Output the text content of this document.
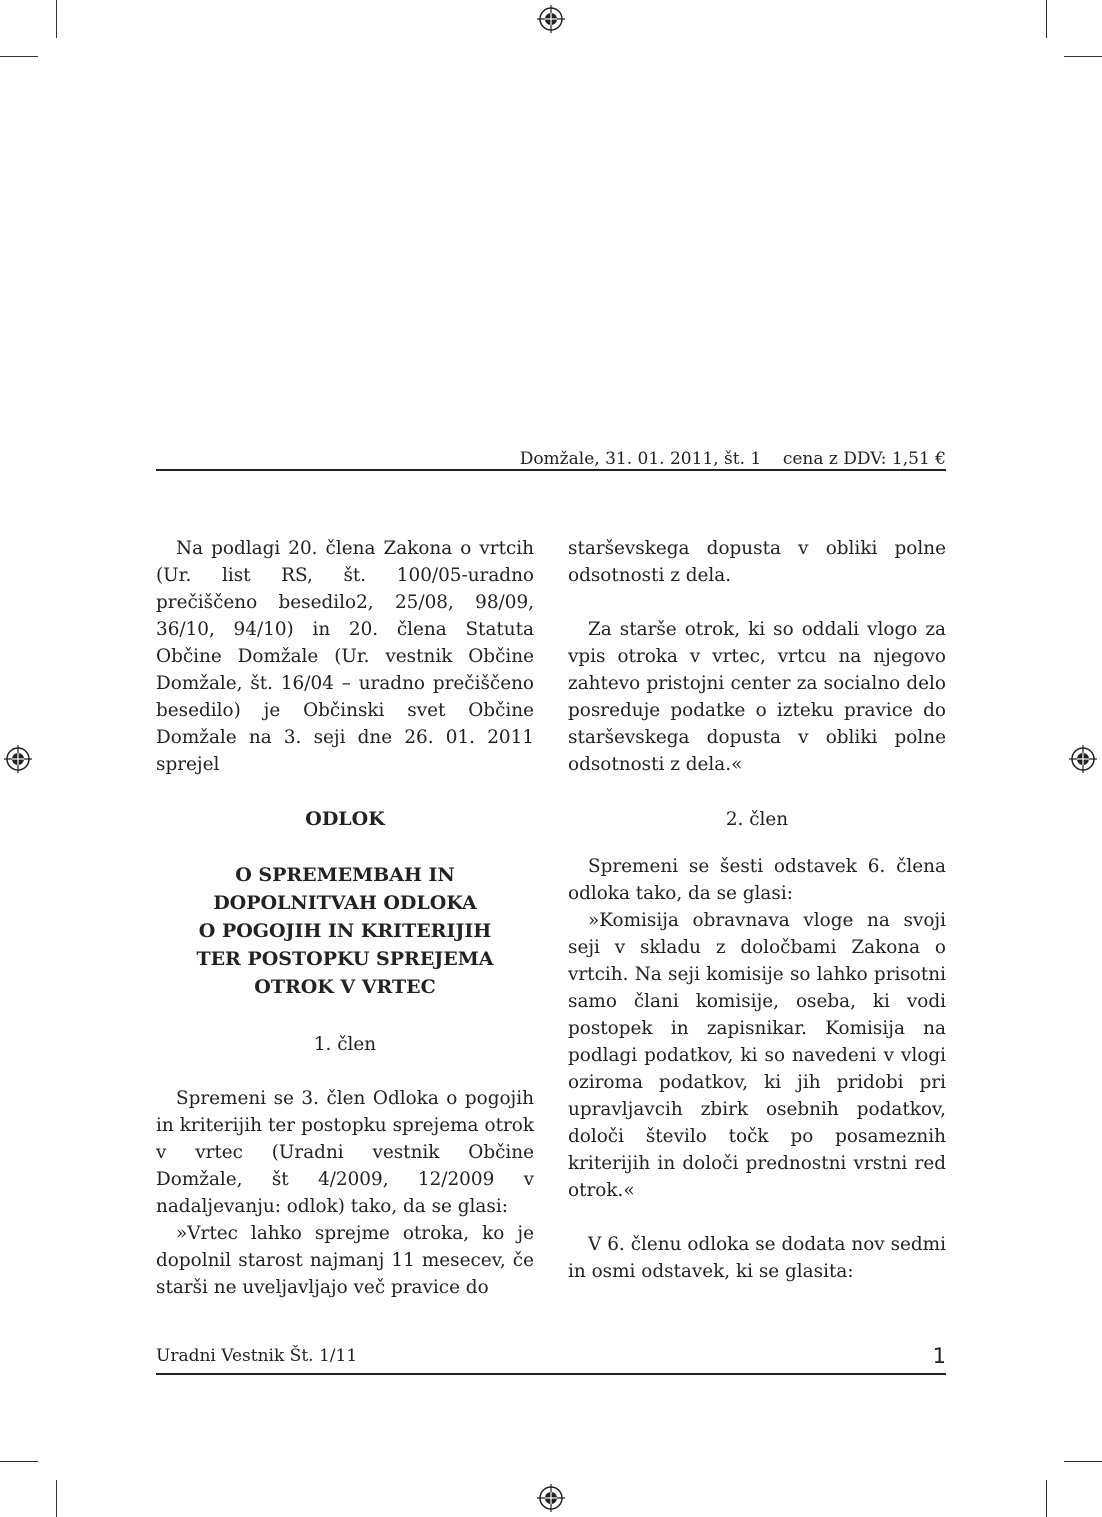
Domžale, 31. 01. 2011, št. 1 cena z DDV: 1,51 €

Na podlagi 20. člena Zakona o vrtcih (Ur. list RS, št. 100/05-uradno prečiščeno besedilo2, 25/08, 98/09, 36/10, 94/10) in 20. člena Statuta Občine Domžale (Ur. vestnik Občine Domžale, št. 16/04 – uradno prečiščeno besedilo) je Občinski svet Občine Domžale na 3. seji dne 26. 01. 2011 sprejel

ODLOK

O SPREMEMBAH IN

DOPOLNITVAH ODLOKA

O POGOJIH IN KRITERIJIH

TER POSTOPKU SPREJEMA

OTROK V VRTEC

1. člen

Spremeni se 3. člen Odloka o pogojih in kriterijih ter postopku sprejema otrok v vrtec (Uradni vestnik Občine Domžale, št 4/2009, 12/2009 v nadaljevanju: odlok) tako, da se glasi:

»Vrtec lahko sprejme otroka, ko je dopolnil starost najmanj 11 mesecev, če starši ne uveljavljajo več pravice do

starševskega dopusta v obliki polne odsotnosti z dela.

Za starše otrok, ki so oddali vlogo za vpis otroka v vrtec, vrtcu na njegovo zahtevo pristojni center za socialno delo posreduje podatke o izteku pravice do starševskega dopusta v obliki polne odsotnosti z dela.«

2. člen

Spremeni se šesti odstavek 6. člena odloka tako, da se glasi:

»Komisija obravnava vloge na svoji seji v skladu z določbami Zakona o vrtcih. Na seji komisije so lahko prisotni samo člani komisije, oseba, ki vodi postopek in zapisnikar. Komisija na podlagi podatkov, ki so navedeni v vlogi oziroma podatkov, ki jih pridobi pri upravljavcih zbirk osebnih podatkov, določi število točk po posameznih kriterijih in določi prednostni vrstni red otrok.«

V 6. členu odloka se dodata nov sedmi in osmi odstavek, ki se glasita:

Uradni Vestnik Št. 1/11	1
